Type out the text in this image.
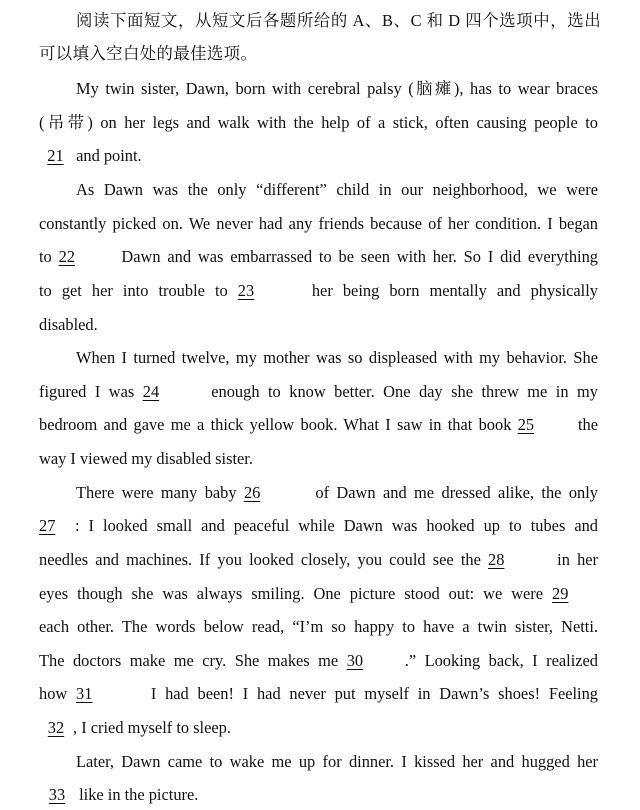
阅读下面短文，从短文后各题所给的 A、B、C 和 D 四个选项中，选出
可以填入空白处的最佳选项。
My twin sister, Dawn, born with cerebral palsy (脑瘫), has to wear braces
(吊带) on her legs and walk with the help of a stick, often causing people to
21 and point.
As Dawn was the only “different” child in our neighborhood, we were
constantly picked on. We never had any friends because of her condition. I began
to 22 Dawn and was embarrassed to be seen with her. So I did everything
to get her into trouble to 23	her being born mentally and physically
disabled.
When I turned twelve, my mother was so displeased with my behavior. She
figured I was 24	enough to know better. One day she threw me in my
bedroom and gave me a thick yellow book. What I saw in that book 25 the
way I viewed my disabled sister.
There were many baby 26	of Dawn and me dressed alike, the only
27 : I looked small and peaceful while Dawn was hooked up to tubes and
needles and machines. If you looked closely, you could see the 28	in her
eyes though she was always smiling. One picture stood out: we were 29
each other. The words below read, “I’m so happy to have a twin sister, Netti.
The doctors make me cry. She makes me 30	.” Looking back, I realized
how 31	I had been! I had never put myself in Dawn’s shoes! Feeling
32 , I cried myself to sleep.
Later, Dawn came to wake me up for dinner. I kissed her and hugged her
33 like in the picture.
